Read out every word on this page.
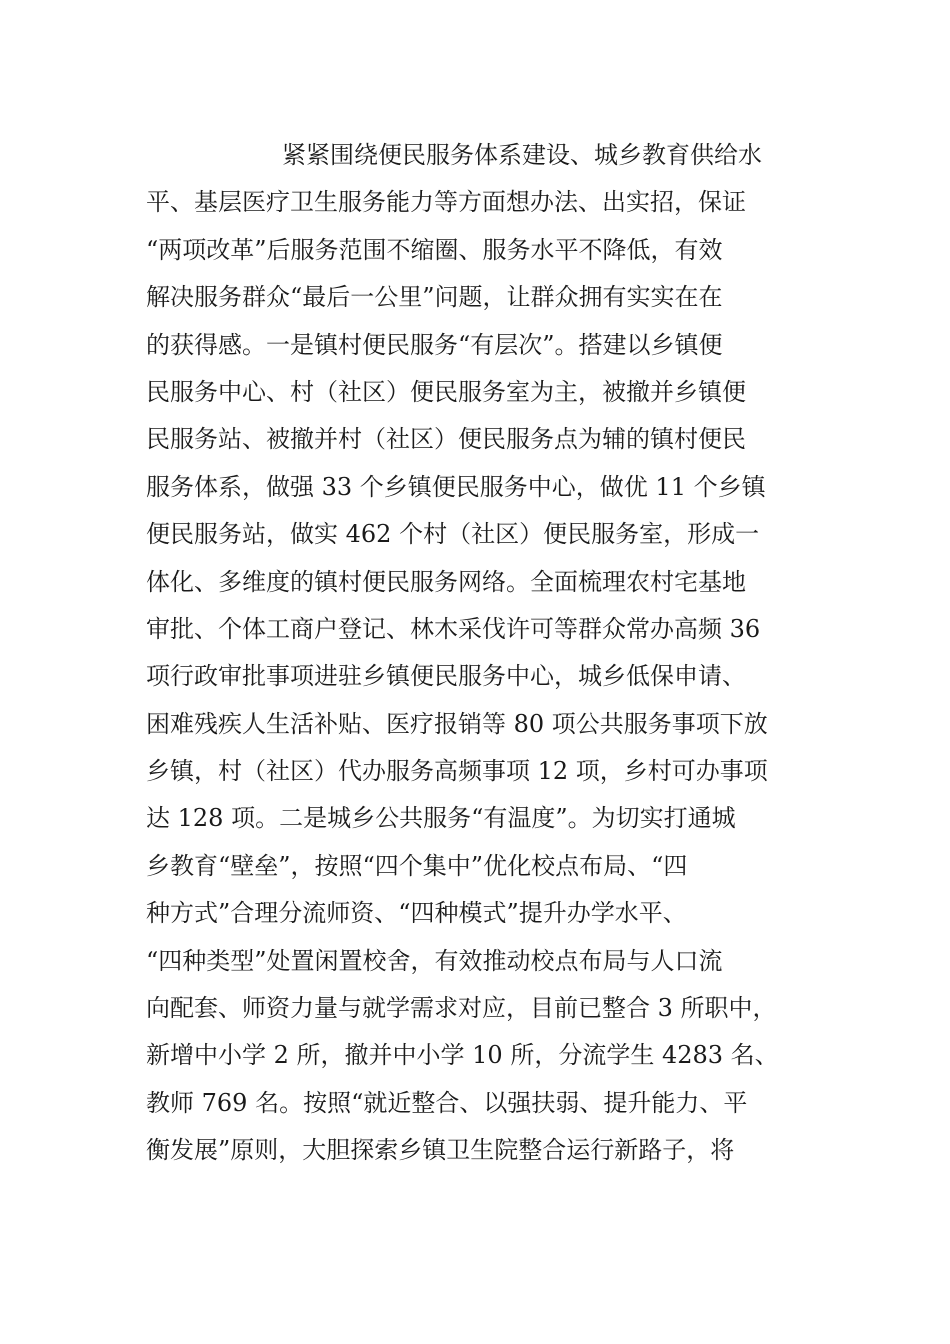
紧紧围绕便民服务体系建设、城乡教育供给水
平、基层医疗卫生服务能力等方面想办法、出实招，保证
“两项改革”后服务范围不缩圈、服务水平不降低，有效
解决服务群众“最后一公里”问题，让群众拥有实实在在
的获得感。一是镇村便民服务“有层次”。搭建以乡镇便
民服务中心、村（社区）便民服务室为主，被撤并乡镇便
民服务站、被撤并村（社区）便民服务点为辅的镇村便民
服务体系，做强 33 个乡镇便民服务中心，做优 11 个乡镇
便民服务站，做实 462 个村（社区）便民服务室，形成一
体化、多维度的镇村便民服务网络。全面梳理农村宅基地
审批、个体工商户登记、林木采伐许可等群众常办高频 36
项行政审批事项进驻乡镇便民服务中心，城乡低保申请、
困难残疾人生活补贴、医疗报销等 80 项公共服务事项下放
乡镇，村（社区）代办服务高频事项 12 项，乡村可办事项
达 128 项。二是城乡公共服务“有温度”。为切实打通城
乡教育“壁垒”，按照“四个集中”优化校点布局、“四
种方式”合理分流师资、“四种模式”提升办学水平、
“四种类型”处置闲置校舍，有效推动校点布局与人口流
向配套、师资力量与就学需求对应，目前已整合 3 所职中，
新增中小学 2 所，撤并中小学 10 所，分流学生 4283 名、
教师 769 名。按照“就近整合、以强扶弱、提升能力、平
衡发展”原则，大胆探索乡镇卫生院整合运行新路子，将
